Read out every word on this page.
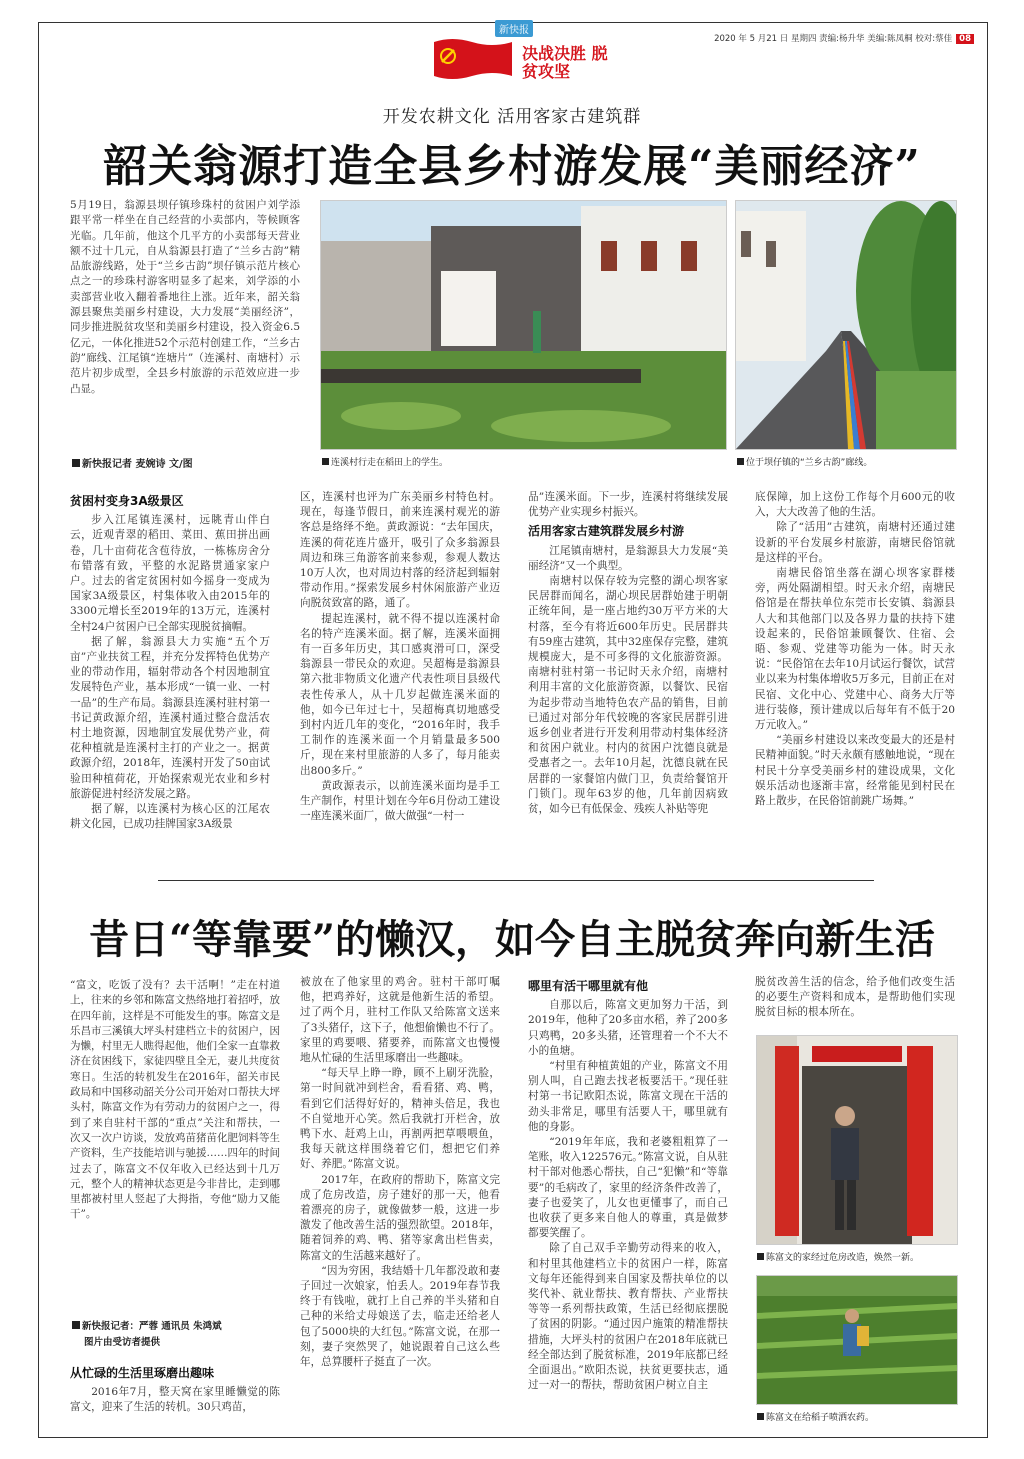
新快报
决战决胜 脱贫攻坚
2020 年 5 月21 日 星期四 责编:杨升华 美编:陈凤桐 校对:蔡佳 08
开发农耕文化 活用客家古建筑群
韶关翁源打造全县乡村游发展“美丽经济”
5月19日，翁源县坝仔镇珍珠村的贫困户刘学添跟平常一样坐在自己经营的小卖部内，等候顾客光临。几年前，他这个几平方的小卖部每天营业额不过十几元，自从翁源县打造了“兰乡古韵”精品旅游线路，处于“兰乡古韵”坝仔镇示范片核心点之一的珍珠村游客明显多了起来，刘学添的小卖部营业收入翻着番地往上涨。近年来，韶关翁源县聚焦美丽乡村建设，大力发展“美丽经济”，同步推进脱贫攻坚和美丽乡村建设，投入资金6.5亿元，一体化推进52个示范村创建工作，“兰乡古韵”廊线、江尾镇“连塘片”（连溪村、南塘村）示范片初步成型，全县乡村旅游的示范效应进一步凸显。
新快报记者 麦婉诗 文/图	连溪村行走在稻田上的学生。	位于坝仔镇的“兰乡古韵”廊线。
贫困村变身3A级景区

步入江尾镇连溪村，远眺青山伴白云，近观青翠的稻田、菜田、蕉田拼出画卷，几十亩荷花含苞待放，一栋栋房舍分布错落有致，平整的水泥路贯通家家户户。过去的省定贫困村如今摇身一变成为国家3A级景区，村集体收入由2015年的3300元增长至2019年的13万元，连溪村全村24户贫困户已全部实现脱贫摘帽。

据了解，翁源县大力实施“五个万亩”产业扶贫工程，并充分发挥特色优势产业的带动作用，辐射带动各个村因地制宜发展特色产业，基本形成“一镇一业、一村一品”的生产布局。翁源县连溪村驻村第一书记黄政源介绍，连溪村通过整合盘活农村土地资源，因地制宜发展优势产业，荷花种植就是连溪村主打的产业之一。据黄政源介绍，2018年，连溪村开发了50亩试验田种植荷花，开始探索观光农业和乡村旅游促进村经济发展之路。

据了解，以连溪村为核心区的江尾农耕文化园，已成功挂牌国家3A级景

区，连溪村也评为广东美丽乡村特色村。现在，每逢节假日，前来连溪村观光的游客总是络绎不绝。黄政源说：“去年国庆，连溪的荷花连片盛开，吸引了众多翁源县周边和珠三角游客前来参观，参观人数达10万人次，也对周边村落的经济起到辐射带动作用。”探索发展乡村休闲旅游产业迈向脱贫致富的路，通了。

提起连溪村，就不得不提以连溪村命名的特产连溪米面。据了解，连溪米面拥有一百多年历史，其口感爽滑可口，深受翁源县一带民众的欢迎。吴超梅是翁源县第六批非物质文化遗产代表性项目县级代表性传承人，从十几岁起做连溪米面的他，如今已年过七十，吴超梅真切地感受到村内近几年的变化，“2016年时，我手工制作的连溪米面一个月销量最多500斤，现在来村里旅游的人多了，每月能卖出800多斤。”

黄政源表示，以前连溪米面均是手工生产制作，村里计划在今年6月份动工建设一座连溪米面厂，做大做强“一村一

品”连溪米面。下一步，连溪村将继续发展优势产业实现乡村振兴。

活用客家古建筑群发展乡村游

江尾镇南塘村，是翁源县大力发展“美丽经济”又一个典型。

南塘村以保存较为完整的湖心坝客家民居群而闻名，湖心坝民居群始建于明朝正统年间，是一座占地约30万平方米的大村落，至今有将近600年历史。民居群共有59座古建筑，其中32座保存完整，建筑规模庞大，是不可多得的文化旅游资源。南塘村驻村第一书记时天永介绍，南塘村利用丰富的文化旅游资源，以餐饮、民宿为起步带动当地特色农产品的销售，目前已通过对部分年代较晚的客家民居群引进返乡创业者进行开发利用带动村集体经济和贫困户就业。村内的贫困户沈德良就是受惠者之一。去年10月起，沈德良就在民居群的一家餐馆内做门卫，负责给餐馆开门锁门。现年63岁的他，几年前因病致贫，如今已有低保金、残疾人补贴等兜

底保障，加上这份工作每个月600元的收入，大大改善了他的生活。

除了“活用”古建筑，南塘村还通过建设新的平台发展乡村旅游，南塘民俗馆就是这样的平台。

南塘民俗馆坐落在湖心坝客家群楼旁，两处隔湖相望。时天永介绍，南塘民俗馆是在帮扶单位东莞市长安镇、翁源县人大和其他部门以及各界力量的扶持下建设起来的，民俗馆兼顾餐饮、住宿、会晤、参观、党建等功能为一体。时天永说：“民俗馆在去年10月试运行餐饮，试营业以来为村集体增收5万多元，目前正在对民宿、文化中心、党建中心、商务大厅等进行装修，预计建成以后每年有不低于20万元收入。”

“美丽乡村建设以来改变最大的还是村民精神面貌。”时天永颇有感触地说，“现在村民十分享受美丽乡村的建设成果，文化娱乐活动也逐渐丰富，经常能见到村民在路上散步，在民俗馆前跳广场舞。”

昔日“等靠要”的懒汉，如今自主脱贫奔向新生活
“富文，吃饭了没有？去干活啊！”走在村道上，往来的乡邻和陈富文热络地打着招呼，放在四年前，这样是不可能发生的事。陈富文是乐昌市三溪镇大坪头村建档立卡的贫困户，因为懒，村里无人瞧得起他，他们全家一直靠救济在贫困线下，家徒四壁且全无，妻儿共度贫寒日。生活的转机发生在2016年，韶关市民政局和中国移动韶关分公司开始对口帮扶大坪头村，陈富文作为有劳动力的贫困户之一，得到了来自驻村干部的“重点”关注和帮扶，一次又一次户访谈，发放鸡苗猪苗化肥饲料等生产资料，生产技能培训与驰援……四年的时间过去了，陈富文不仅年收入已经达到十几万元，整个人的精神状态更是今非昔比，走到哪里都被村里人竖起了大拇指，夸他“励力又能干”。
新快报记者：严蓉 通讯员 朱鸿斌
图片由受访者提供
从忙碌的生活里琢磨出趣味

2016年7月，整天窝在家里睡懒觉的陈富文，迎来了生活的转机。30只鸡苗，

被放在了他家里的鸡舍。驻村干部叮嘱他，把鸡养好，这就是他新生活的希望。过了两个月，驻村工作队又给陈富文送来了3头猪仔，这下子，他想偷懒也不行了。家里的鸡要喂、猪要养，而陈富文也慢慢地从忙碌的生活里琢磨出一些趣味。

“每天早上睁一睁，顾不上刷牙洗脸，第一时间就冲到栏舍，看看猪、鸡、鸭，看到它们活得好好的，精神头倍足，我也不自觉地开心笑。然后我就打开栏舍，放鸭下水、赶鸡上山，再割两把草喂喂鱼，我每天就这样围绕着它们，想把它们养好、养肥。”陈富文说。

2017年，在政府的帮助下，陈富文完成了危房改造，房子建好的那一天，他看着漂亮的房子，就像做梦一般，这进一步激发了他改善生活的强烈欲望。2018年，随着饲养的鸡、鸭、猪等家禽出栏售卖，陈富文的生活越来越好了。

“因为穷困，我结婚十几年都没敢和妻子回过一次娘家，怕丢人。2019年春节我终于有钱啦，就打上自己养的半头猪和自己种的米给丈母娘送了去，临走还给老人包了5000块的大红包。”陈富文说，在那一刻，妻子突然哭了，她说跟着自己这么些年，总算腰杆子挺直了一次。

哪里有活干哪里就有他

自那以后，陈富文更加努力干活，到2019年，他种了20多亩水稻，养了200多只鸡鸭，20多头猪，还管理着一个不大不小的鱼塘。

“村里有种植黄姐的产业，陈富文不用别人叫，自己跑去找老板要活干。”现任驻村第一书记欧阳杰说，陈富文现在干活的劲头非常足，哪里有活要人干，哪里就有他的身影。

“2019年年底，我和老婆粗粗算了一笔账，收入122576元。”陈富文说，自从驻村干部对他悉心帮扶，自己“犯懒”和“等靠要”的毛病改了，家里的经济条件改善了，妻子也爱笑了，儿女也更懂事了，而自己也收获了更多来自他人的尊重，真是做梦都要笑醒了。

除了自己双手辛勤劳动得来的收入，和村里其他建档立卡的贫困户一样，陈富文每年还能得到来自国家及帮扶单位的以奖代补、就业帮扶、教育帮扶、产业帮扶等等一系列帮扶政策，生活已经彻底摆脱了贫困的阴影。“通过因户施策的精准帮扶措施，大坪头村的贫困户在2018年底就已经全部达到了脱贫标准，2019年底都已经全面退出。”欧阳杰说，扶贫更要扶志，通过一对一的帮扶，帮助贫困户树立自主

脱贫改善生活的信念，给予他们改变生活的必要生产资料和成本，是帮助他们实现脱贫目标的根本所在。

陈富文的家经过危房改造，焕然一新。
陈富文在给稻子喷洒农药。
